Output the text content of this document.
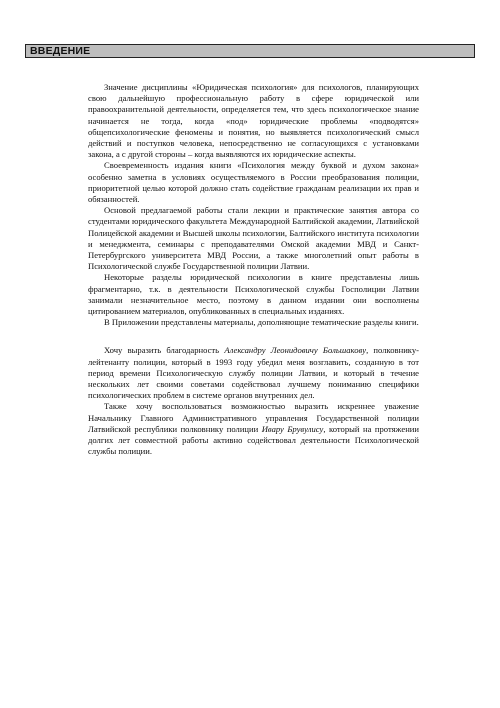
ВВЕДЕНИЕ

Значение дисциплины «Юридическая психология» для психологов, планирующих свою дальнейшую профессиональную работу в сфере юридической или правоохранительной деятельности, определяется тем, что здесь психологическое знание начинается не тогда, когда «под» юридические проблемы «подводятся» общепсихологические феномены и понятия, но выявляется психологический смысл действий и поступков человека, непосредственно не согласующихся с установками закона, а с другой стороны – когда выявляются их юридические аспекты.

Своевременность издания книги «Психология между буквой и духом закона» особенно заметна в условиях осуществляемого в России преобразования полиции, приоритетной целью которой должно стать содействие гражданам реализации их прав и обязанностей.

Основой предлагаемой работы стали лекции и практические занятия автора со студентами юридического факультета Международной Балтийской академии, Латвийской Полицейской академии и Высшей школы психологии, Балтийского института психологии и менеджмента, семинары с преподавателями Омской академии МВД и Санкт-Петербургского университета МВД России, а также многолетний опыт работы в Психологической службе Государственной полиции Латвии.

Некоторые разделы юридической психологии в книге представлены лишь фрагментарно, т.к. в деятельности Психологической службы Госполиции Латвии занимали незначительное место, поэтому в данном издании они восполнены цитированием материалов, опубликованных в специальных изданиях.

В Приложении представлены материалы, дополняющие тематические разделы книги.

Хочу выразить благодарность Александру Леонидовичу Большакову, полковнику-лейтенанту полиции, который в 1993 году убедил меня возглавить, созданную в тот период времени Психологическую службу полиции Латвии, и который в течение нескольких лет своими советами содействовал лучшему пониманию специфики психологических проблем в системе органов внутренних дел.

Также хочу воспользоваться возможностью выразить искреннее уважение Начальнику Главного Административного управления Государственной полиции Латвийской республики полковнику полиции Ивару Брувулису, который на протяжении долгих лет совместной работы активно содействовал деятельности Психологической службы полиции.
